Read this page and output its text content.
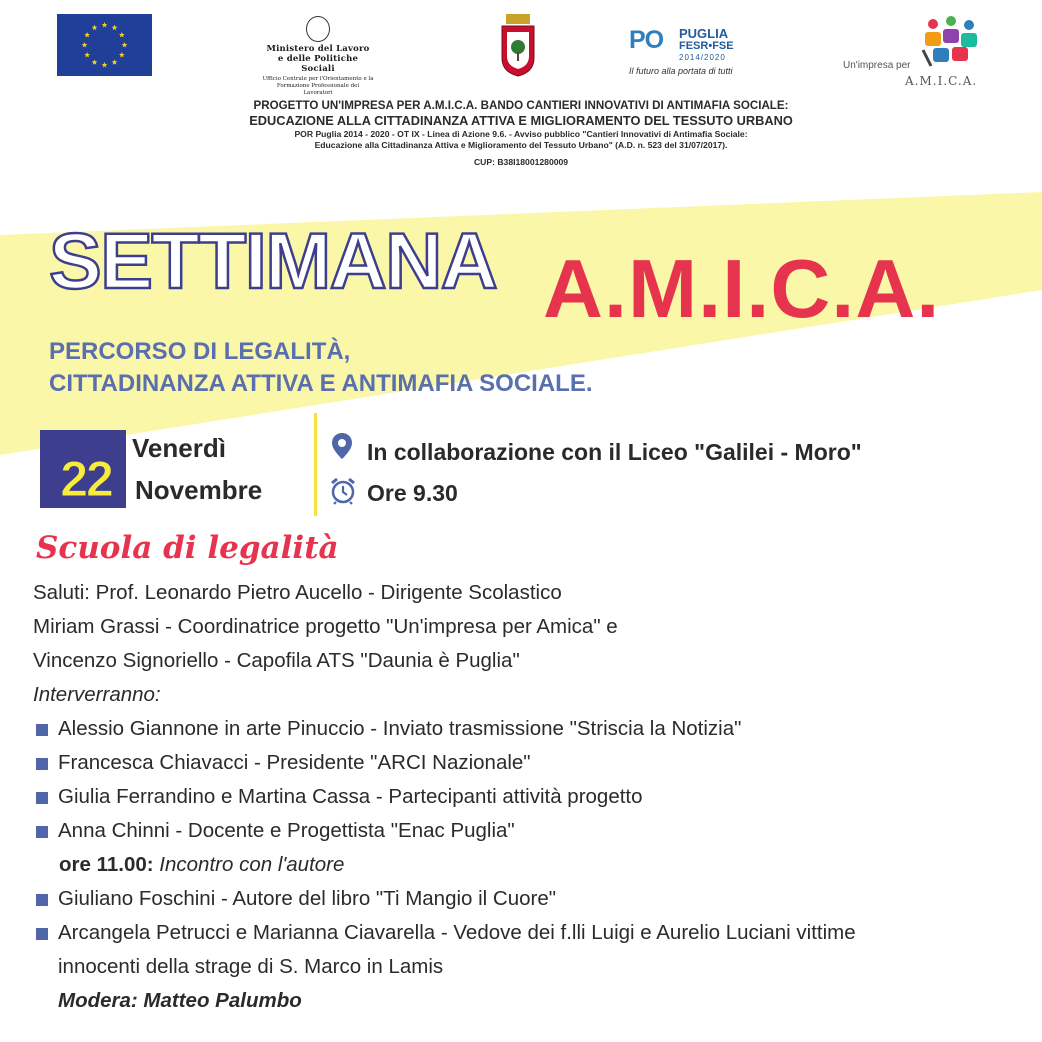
Ministero del Lavoro
e delle Politiche Sociali
Ufficio Centrale per l'Orientamento e la Formazione Professionale dei Lavoratori
PO PUGLIA
FESR•FSE
2014/2020
Il futuro alla portata di tutti	Un'impresa per
A.M.I.C.A.
PROGETTO UN'IMPRESA PER A.M.I.C.A. BANDO CANTIERI INNOVATIVI DI ANTIMAFIA SOCIALE:
EDUCAZIONE ALLA CITTADINANZA ATTIVA E MIGLIORAMENTO DEL TESSUTO URBANO
POR Puglia 2014 - 2020 - OT IX - Linea di Azione 9.6. - Avviso pubblico "Cantieri Innovativi di Antimafia Sociale:
Educazione alla Cittadinanza Attiva e Miglioramento del Tessuto Urbano" (A.D. n. 523 del 31/07/2017).
CUP: B38I18001280009
SETTIMANA A.M.I.C.A.
PERCORSO DI LEGALITÀ,
CITTADINANZA ATTIVA E ANTIMAFIA SOCIALE.
22
Venerdì
Novembre
In collaborazione con il Liceo "Galilei - Moro"
Ore 9.30
Scuola di legalità
Saluti: Prof. Leonardo Pietro Aucello - Dirigente Scolastico
Miriam Grassi - Coordinatrice progetto "Un'impresa per Amica" e
Vincenzo Signoriello - Capofila ATS "Daunia è Puglia"
Interverranno:
Alessio Giannone in arte Pinuccio - Inviato trasmissione "Striscia la Notizia"
Francesca Chiavacci - Presidente "ARCI Nazionale"
Giulia Ferrandino e Martina Cassa - Partecipanti attività progetto
Anna Chinni - Docente e Progettista "Enac Puglia"
ore 11.00: Incontro con l'autore
Giuliano Foschini - Autore del libro "Ti Mangio il Cuore"
Arcangela Petrucci e Marianna Ciavarella - Vedove dei f.lli Luigi e Aurelio Luciani vittime
innocenti della strage di S. Marco in Lamis
Modera: Matteo Palumbo
